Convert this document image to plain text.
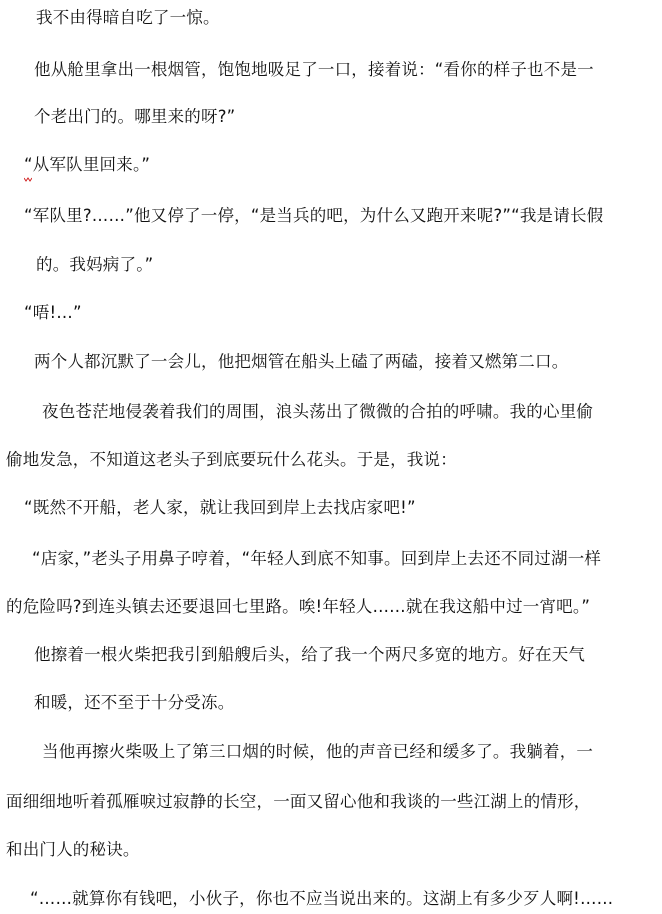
我不由得暗自吃了一惊。
他从舱里拿出一根烟管，饱饱地吸足了一口，接着说：“看你的样子也不是一
个老出门的。哪里来的呀?”
“从军队里回来。”
“军队里?……”他又停了一停，“是当兵的吧，为什么又跑开来呢?”“我是请长假
的。我妈病了。”
“唔!…”
两个人都沉默了一会儿，他把烟管在船头上磕了两磕，接着又燃第二口。
夜色苍茫地侵袭着我们的周围，浪头荡出了微微的合拍的呼啸。我的心里偷
偷地发急，不知道这老头子到底要玩什么花头。于是，我说：
“既然不开船，老人家，就让我回到岸上去找店家吧!”
“店家，”老头子用鼻子哼着，“年轻人到底不知事。回到岸上去还不同过湖一样
的危险吗?到连头镇去还要退回七里路。唉!年轻人……就在我这船中过一宵吧。”
他擦着一根火柴把我引到船艘后头，给了我一个两尺多宽的地方。好在天气
和暖，还不至于十分受冻。
当他再擦火柴吸上了第三口烟的时候，他的声音已经和缓多了。我躺着，一
面细细地听着孤雁唳过寂静的长空，一面又留心他和我谈的一些江湖上的情形，
和出门人的秘诀。
“……就算你有钱吧，小伙子，你也不应当说出来的。这湖上有多少歹人啊!……
